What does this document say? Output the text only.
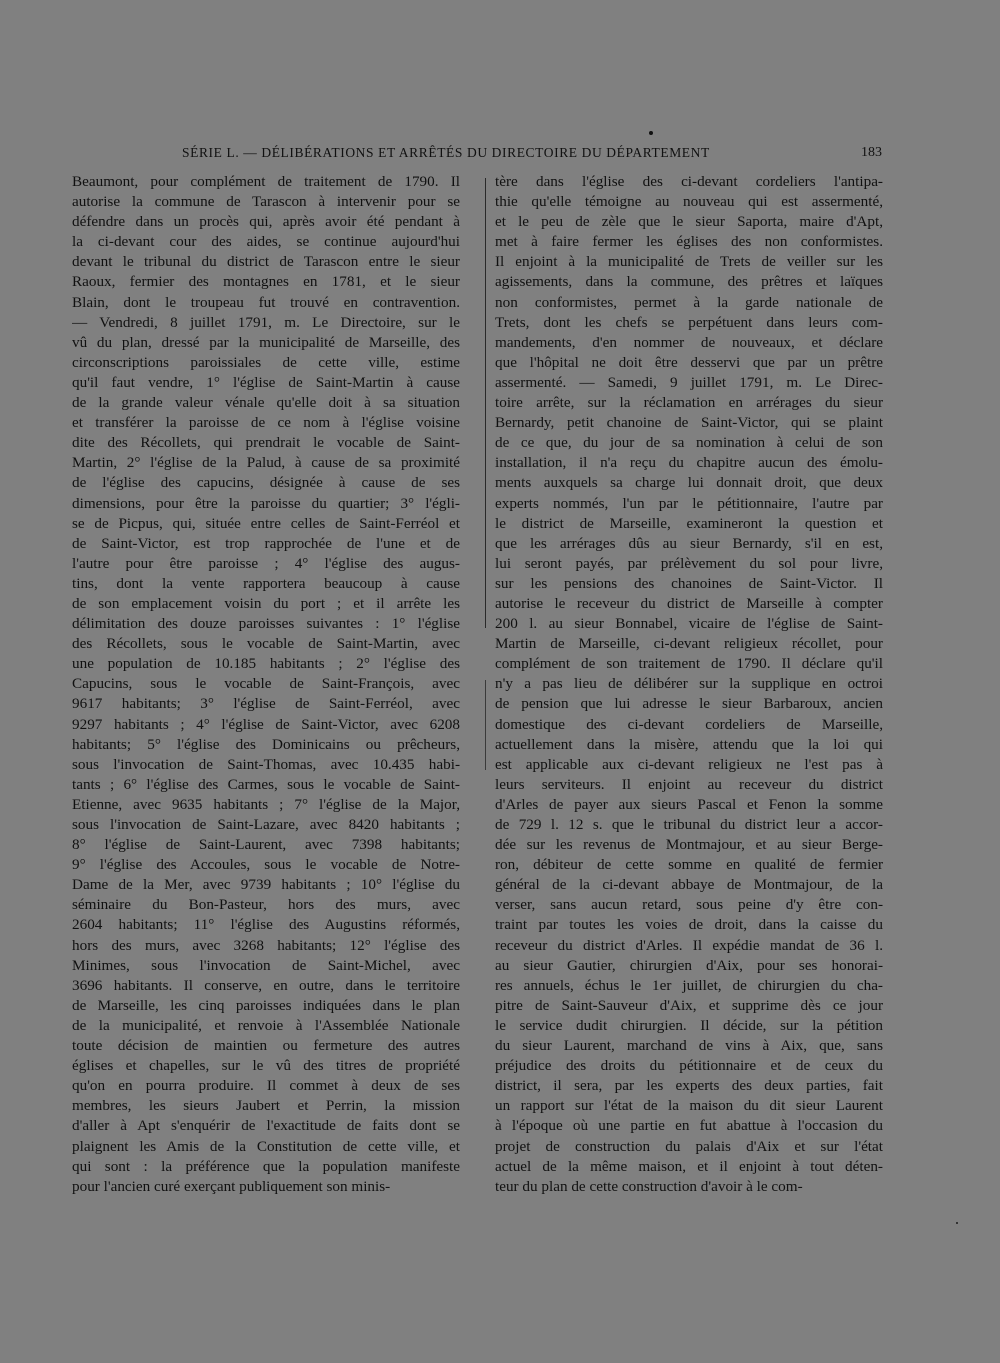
SÉRIE L. — DÉLIBÉRATIONS ET ARRÊTÉS DU DIRECTOIRE DU DÉPARTEMENT	183

Beaumont, pour complément de traitement de 1790. Il

autorise la commune de Tarascon à intervenir pour se

défendre dans un procès qui, après avoir été pendant à

la ci-devant cour des aides, se continue aujourd'hui

devant le tribunal du district de Tarascon entre le sieur

Raoux, fermier des montagnes en 1781, et le sieur

Blain, dont le troupeau fut trouvé en contravention.

— Vendredi, 8 juillet 1791, m. Le Directoire, sur le

vû du plan, dressé par la municipalité de Marseille, des

circonscriptions paroissiales de cette ville, estime

qu'il faut vendre, 1° l'église de Saint-Martin à cause

de la grande valeur vénale qu'elle doit à sa situation

et transférer la paroisse de ce nom à l'église voisine

dite des Récollets, qui prendrait le vocable de Saint-

Martin, 2° l'église de la Palud, à cause de sa proximité

de l'église des capucins, désignée à cause de ses

dimensions, pour être la paroisse du quartier; 3° l'égli-

se de Picpus, qui, située entre celles de Saint-Ferréol et

de Saint-Victor, est trop rapprochée de l'une et de

l'autre pour être paroisse ; 4° l'église des augus-

tins, dont la vente rapportera beaucoup à cause

de son emplacement voisin du port ; et il arrête les

délimitation des douze paroisses suivantes : 1° l'église

des Récollets, sous le vocable de Saint-Martin, avec

une population de 10.185 habitants ; 2° l'église des

Capucins, sous le vocable de Saint-François, avec

9617 habitants; 3° l'église de Saint-Ferréol, avec

9297 habitants ; 4° l'église de Saint-Victor, avec 6208

habitants; 5° l'église des Dominicains ou prêcheurs,

sous l'invocation de Saint-Thomas, avec 10.435 habi-

tants ; 6° l'église des Carmes, sous le vocable de Saint-

Etienne, avec 9635 habitants ; 7° l'église de la Major,

sous l'invocation de Saint-Lazare, avec 8420 habitants ;

8° l'église de Saint-Laurent, avec 7398 habitants;

9° l'église des Accoules, sous le vocable de Notre-

Dame de la Mer, avec 9739 habitants ; 10° l'église du

séminaire du Bon-Pasteur, hors des murs, avec

2604 habitants; 11° l'église des Augustins réformés,

hors des murs, avec 3268 habitants; 12° l'église des

Minimes, sous l'invocation de Saint-Michel, avec

3696 habitants. Il conserve, en outre, dans le territoire

de Marseille, les cinq paroisses indiquées dans le plan

de la municipalité, et renvoie à l'Assemblée Nationale

toute décision de maintien ou fermeture des autres

églises et chapelles, sur le vû des titres de propriété

qu'on en pourra produire. Il commet à deux de ses

membres, les sieurs Jaubert et Perrin, la mission

d'aller à Apt s'enquérir de l'exactitude de faits dont se

plaignent les Amis de la Constitution de cette ville, et

qui sont : la préférence que la population manifeste

pour l'ancien curé exerçant publiquement son minis-

tère dans l'église des ci-devant cordeliers l'antipa-

thie qu'elle témoigne au nouveau qui est assermenté,

et le peu de zèle que le sieur Saporta, maire d'Apt,

met à faire fermer les églises des non conformistes.

Il enjoint à la municipalité de Trets de veiller sur les

agissements, dans la commune, des prêtres et laïques

non conformistes, permet à la garde nationale de

Trets, dont les chefs se perpétuent dans leurs com-

mandements, d'en nommer de nouveaux, et déclare

que l'hôpital ne doit être desservi que par un prêtre

assermenté. — Samedi, 9 juillet 1791, m. Le Direc-

toire arrête, sur la réclamation en arrérages du sieur

Bernardy, petit chanoine de Saint-Victor, qui se plaint

de ce que, du jour de sa nomination à celui de son

installation, il n'a reçu du chapitre aucun des émolu-

ments auxquels sa charge lui donnait droit, que deux

experts nommés, l'un par le pétitionnaire, l'autre par

le district de Marseille, examineront la question et

que les arrérages dûs au sieur Bernardy, s'il en est,

lui seront payés, par prélèvement du sol pour livre,

sur les pensions des chanoines de Saint-Victor. Il

autorise le receveur du district de Marseille à compter

200 l. au sieur Bonnabel, vicaire de l'église de Saint-

Martin de Marseille, ci-devant religieux récollet, pour

complément de son traitement de 1790. Il déclare qu'il

n'y a pas lieu de délibérer sur la supplique en octroi

de pension que lui adresse le sieur Barbaroux, ancien

domestique des ci-devant cordeliers de Marseille,

actuellement dans la misère, attendu que la loi qui

est applicable aux ci-devant religieux ne l'est pas à

leurs serviteurs. Il enjoint au receveur du district

d'Arles de payer aux sieurs Pascal et Fenon la somme

de 729 l. 12 s. que le tribunal du district leur a accor-

dée sur les revenus de Montmajour, et au sieur Berge-

ron, débiteur de cette somme en qualité de fermier

général de la ci-devant abbaye de Montmajour, de la

verser, sans aucun retard, sous peine d'y être con-

traint par toutes les voies de droit, dans la caisse du

receveur du district d'Arles. Il expédie mandat de 36 l.

au sieur Gautier, chirurgien d'Aix, pour ses honorai-

res annuels, échus le 1er juillet, de chirurgien du cha-

pitre de Saint-Sauveur d'Aix, et supprime dès ce jour

le service dudit chirurgien. Il décide, sur la pétition

du sieur Laurent, marchand de vins à Aix, que, sans

préjudice des droits du pétitionnaire et de ceux du

district, il sera, par les experts des deux parties, fait

un rapport sur l'état de la maison du dit sieur Laurent

à l'époque où une partie en fut abattue à l'occasion du

projet de construction du palais d'Aix et sur l'état

actuel de la même maison, et il enjoint à tout déten-

teur du plan de cette construction d'avoir à le com-
